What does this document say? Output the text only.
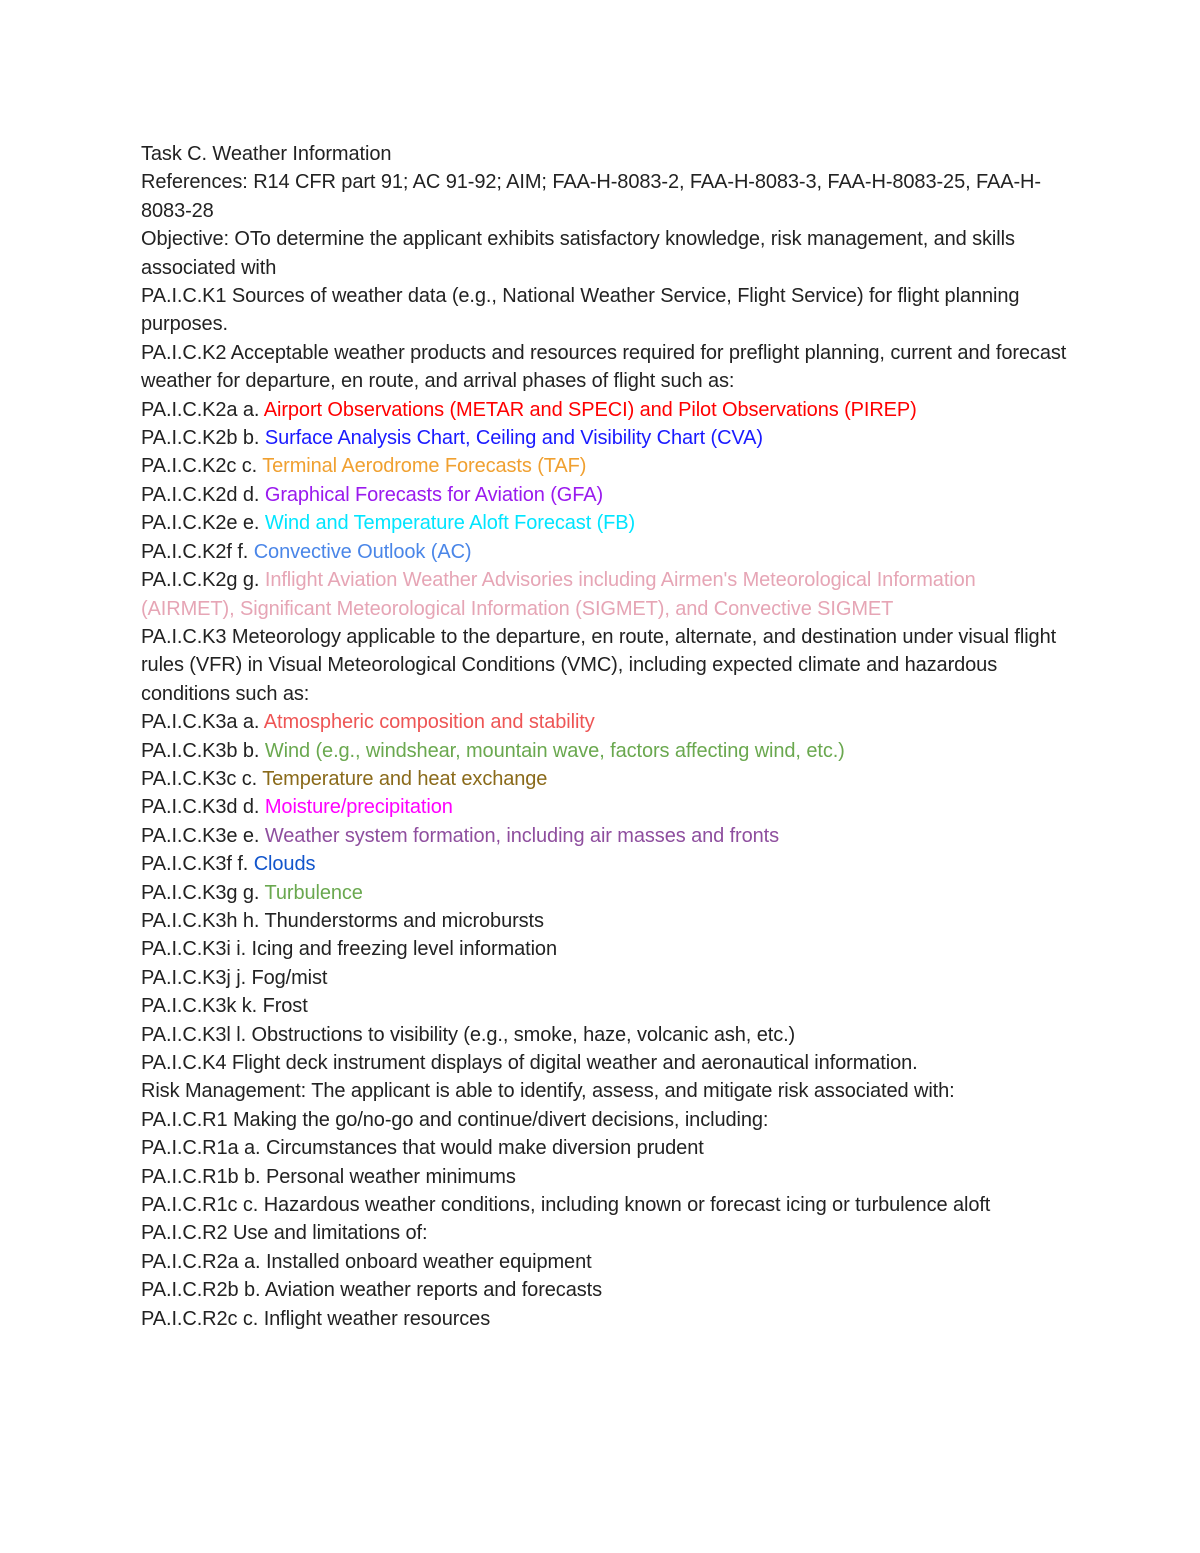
Task C. Weather Information

References: R14 CFR part 91; AC 91-92; AIM; FAA-H-8083-2, FAA-H-8083-3, FAA-H-8083-25, FAA-H-8083-28

Objective: OTo determine the applicant exhibits satisfactory knowledge, risk management, and skills associated with

PA.I.C.K1 Sources of weather data (e.g., National Weather Service, Flight Service) for flight planning purposes.

PA.I.C.K2 Acceptable weather products and resources required for preflight planning, current and forecast

weather for departure, en route, and arrival phases of flight such as:

PA.I.C.K2a a. Airport Observations (METAR and SPECI) and Pilot Observations (PIREP)

PA.I.C.K2b b. Surface Analysis Chart, Ceiling and Visibility Chart (CVA)

PA.I.C.K2c c. Terminal Aerodrome Forecasts (TAF)

PA.I.C.K2d d. Graphical Forecasts for Aviation (GFA)

PA.I.C.K2e e. Wind and Temperature Aloft Forecast (FB)

PA.I.C.K2f f. Convective Outlook (AC)

PA.I.C.K2g g. Inflight Aviation Weather Advisories including Airmen's Meteorological Information (AIRMET), Significant Meteorological Information (SIGMET), and Convective SIGMET

PA.I.C.K3 Meteorology applicable to the departure, en route, alternate, and destination under visual flight rules (VFR) in Visual Meteorological Conditions (VMC), including expected climate and hazardous conditions such as:

PA.I.C.K3a a. Atmospheric composition and stability

PA.I.C.K3b b. Wind (e.g., windshear, mountain wave, factors affecting wind, etc.)

PA.I.C.K3c c. Temperature and heat exchange

PA.I.C.K3d d. Moisture/precipitation

PA.I.C.K3e e. Weather system formation, including air masses and fronts

PA.I.C.K3f f. Clouds

PA.I.C.K3g g. Turbulence

PA.I.C.K3h h. Thunderstorms and microbursts

PA.I.C.K3i i. Icing and freezing level information

PA.I.C.K3j j. Fog/mist

PA.I.C.K3k k. Frost

PA.I.C.K3l l. Obstructions to visibility (e.g., smoke, haze, volcanic ash, etc.)

PA.I.C.K4 Flight deck instrument displays of digital weather and aeronautical information.

Risk Management: The applicant is able to identify, assess, and mitigate risk associated with:

PA.I.C.R1 Making the go/no-go and continue/divert decisions, including:

PA.I.C.R1a a. Circumstances that would make diversion prudent

PA.I.C.R1b b. Personal weather minimums

PA.I.C.R1c c. Hazardous weather conditions, including known or forecast icing or turbulence aloft

PA.I.C.R2 Use and limitations of:

PA.I.C.R2a a. Installed onboard weather equipment

PA.I.C.R2b b. Aviation weather reports and forecasts

PA.I.C.R2c c. Inflight weather resources
